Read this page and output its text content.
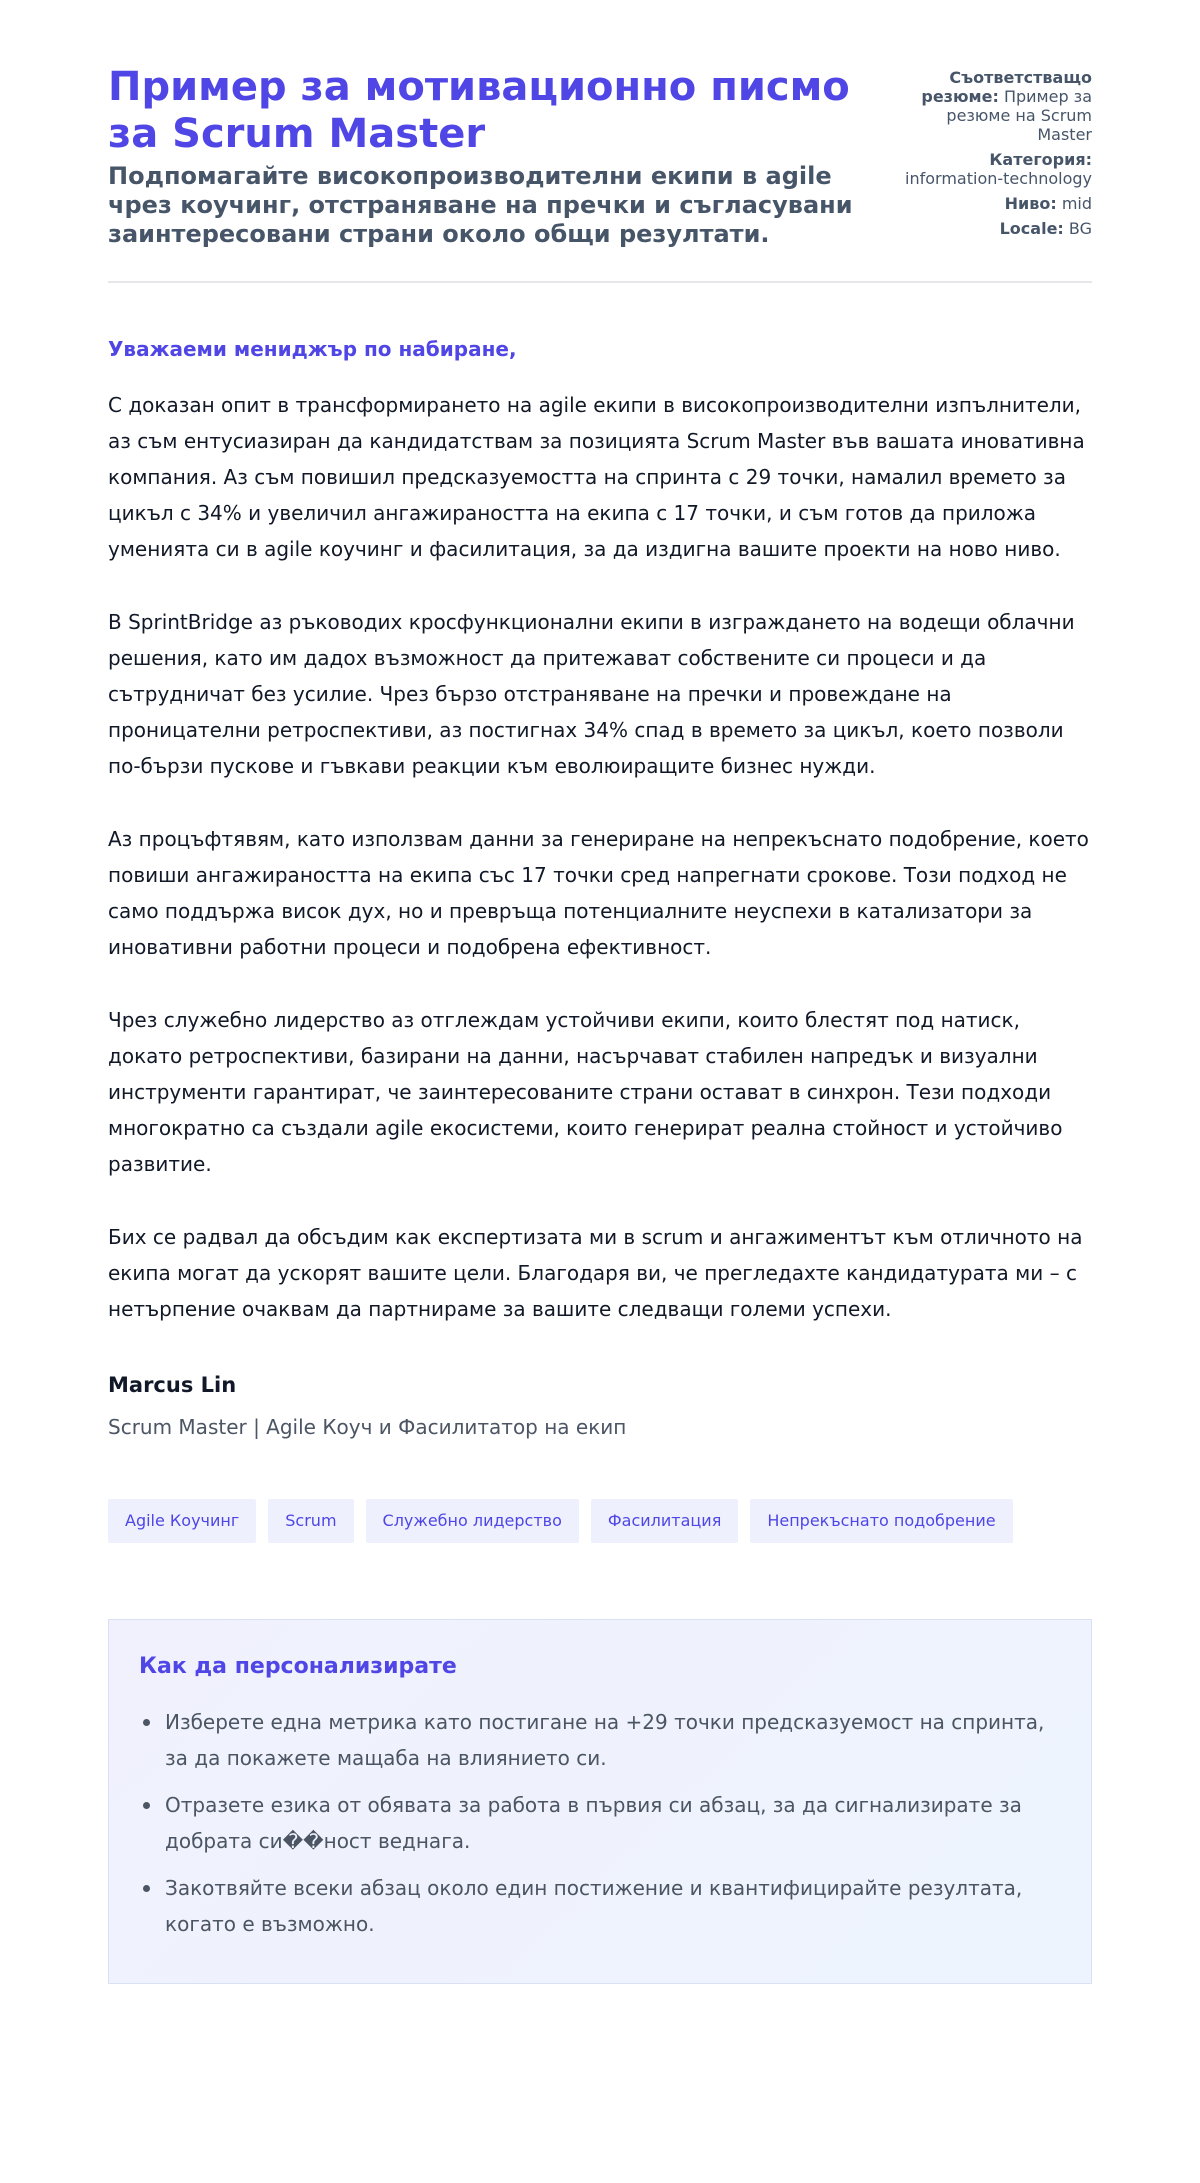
Пример за мотивационно писмо за Scrum Master
Подпомагайте високопроизводителни екипи в agile чрез коучинг, отстраняване на пречки и съгласувани заинтересовани страни около общи резултати.
Съответстващо резюме: Пример за резюме на Scrum Master
Категория: information-technology
Ниво: mid
Locale: BG
Уважаеми мениджър по набиране,

С доказан опит в трансформирането на agile екипи в високопроизводителни изпълнители, аз съм ентусиазиран да кандидатствам за позицията Scrum Master във вашата иновативна компания. Аз съм повишил предсказуемостта на спринта с 29 точки, намалил времето за цикъл с 34% и увеличил ангажираността на екипа с 17 точки, и съм готов да приложа уменията си в agile коучинг и фасилитация, за да издигна вашите проекти на ново ниво.

В SprintBridge аз ръководих кросфункционални екипи в изграждането на водещи облачни решения, като им дадох възможност да притежават собствените си процеси и да сътрудничат без усилие. Чрез бързо отстраняване на пречки и провеждане на проницателни ретроспективи, аз постигнах 34% спад в времето за цикъл, което позволи по-бързи пускове и гъвкави реакции към еволюиращите бизнес нужди.

Аз процъфтявям, като използвам данни за генериране на непрекъснато подобрение, което повиши ангажираността на екипа със 17 точки сред напрегнати срокове. Този подход не само поддържа висок дух, но и превръща потенциалните неуспехи в катализатори за иновативни работни процеси и подобрена ефективност.

Чрез служебно лидерство аз отглеждам устойчиви екипи, които блестят под натиск, докато ретроспективи, базирани на данни, насърчават стабилен напредък и визуални инструменти гарантират, че заинтересованите страни остават в синхрон. Тези подходи многократно са създали agile екосистеми, които генерират реална стойност и устойчиво развитие.

Бих се радвал да обсъдим как експертизата ми в scrum и ангажиментът към отличното на екипа могат да ускорят вашите цели. Благодаря ви, че прегледахте кандидатурата ми – с нетърпение очаквам да партнираме за вашите следващи големи успехи.

Marcus Lin
Scrum Master | Agile Коуч и Фасилитатор на екип
Agile Коучинг	Scrum	Служебно лидерство	Фасилитация	Непрекъснато подобрение
Как да персонализирате
Изберете една метрика като постигане на +29 точки предсказуемост на спринта, за да покажете мащаба на влиянието си.
Отразете езика от обявата за работа в първия си абзац, за да сигнализирате за добрата си��ност веднага.
Закотвяйте всеки абзац около един постижение и квантифицирайте резултата, когато е възможно.
